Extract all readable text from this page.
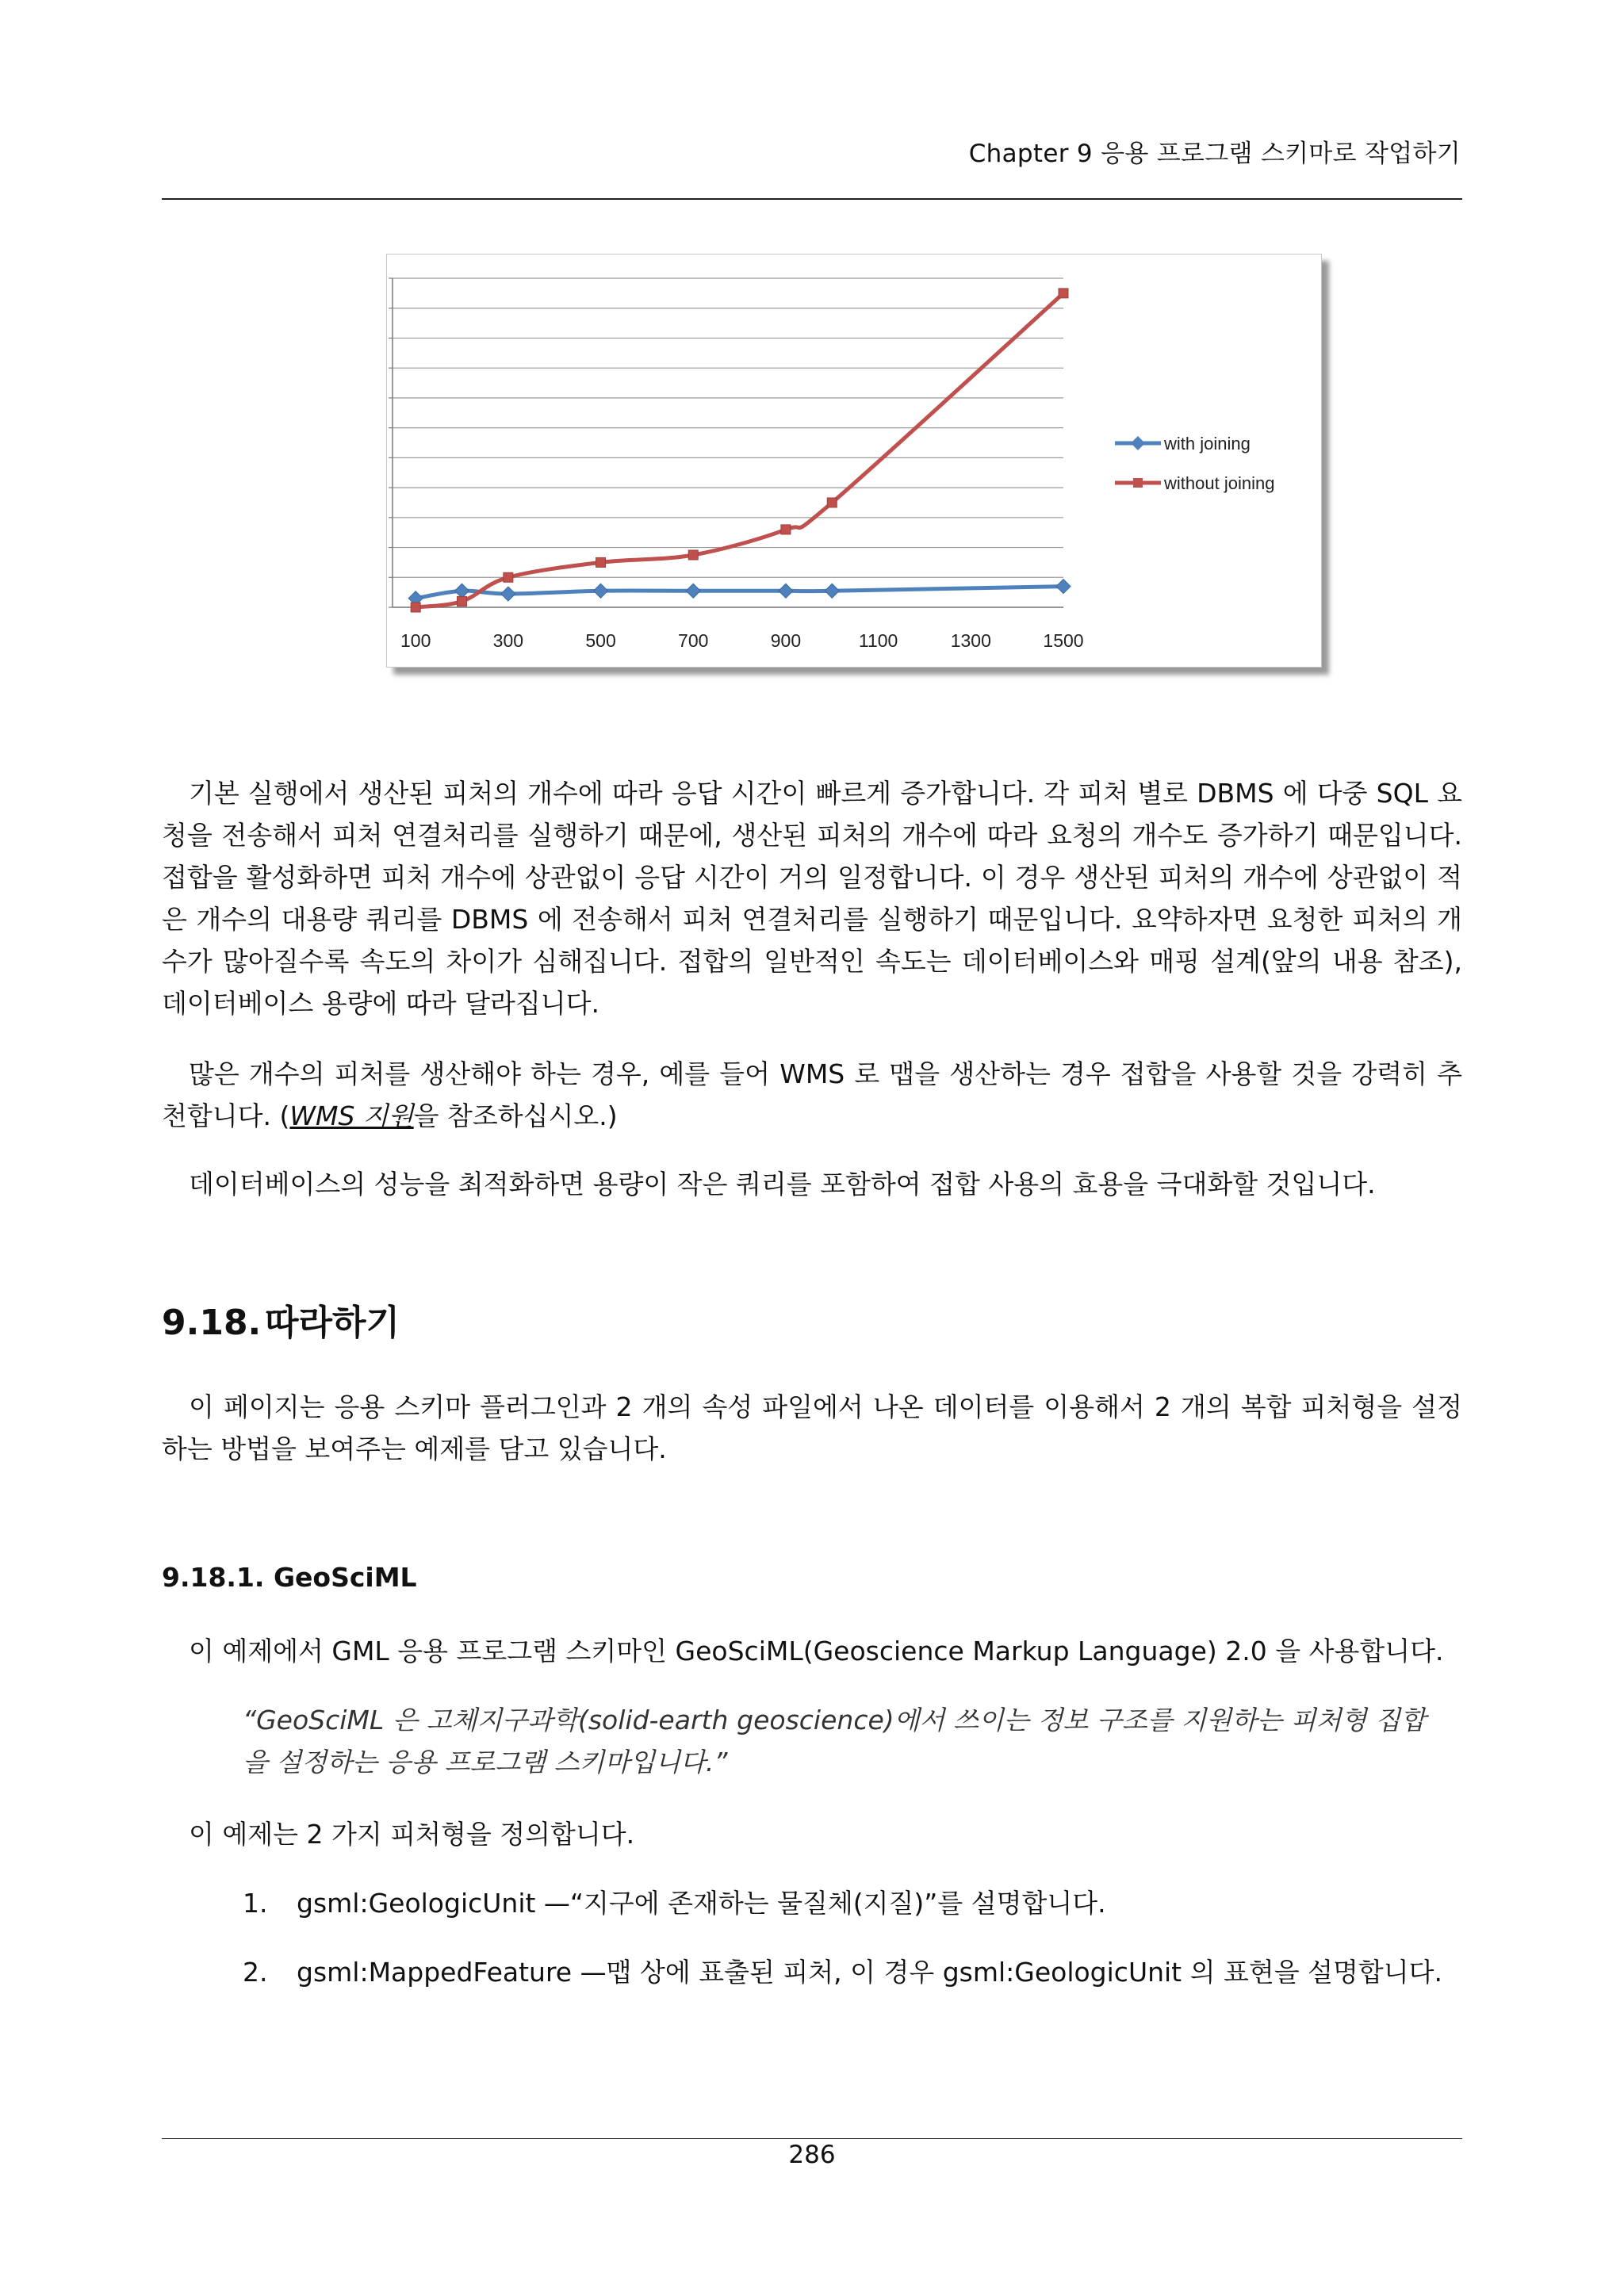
Chapter 9 응용 프로그램 스키마로 작업하기
100	300	500	700	900	1100	1300	1500
with joining
without joining

기본 실행에서 생산된 피처의 개수에 따라 응답 시간이 빠르게 증가합니다. 각 피처 별로 DBMS 에 다중 SQL 요청을 전송해서 피처 연결처리를 실행하기 때문에, 생산된 피처의 개수에 따라 요청의 개수도 증가하기 때문입니다. 접합을 활성화하면 피처 개수에 상관없이 응답 시간이 거의 일정합니다. 이 경우 생산된 피처의 개수에 상관없이 적은 개수의 대용량 쿼리를 DBMS 에 전송해서 피처 연결처리를 실행하기 때문입니다. 요약하자면 요청한 피처의 개수가 많아질수록 속도의 차이가 심해집니다. 접합의 일반적인 속도는 데이터베이스와 매핑 설계(앞의 내용 참조), 데이터베이스 용량에 따라 달라집니다.

많은 개수의 피처를 생산해야 하는 경우, 예를 들어 WMS 로 맵을 생산하는 경우 접합을 사용할 것을 강력히 추천합니다. (WMS 지원을 참조하십시오.)

데이터베이스의 성능을 최적화하면 용량이 작은 쿼리를 포함하여 접합 사용의 효용을 극대화할 것입니다.

9.18. 따라하기

이 페이지는 응용 스키마 플러그인과 2 개의 속성 파일에서 나온 데이터를 이용해서 2 개의 복합 피처형을 설정하는 방법을 보여주는 예제를 담고 있습니다.

9.18.1. GeoSciML

이 예제에서 GML 응용 프로그램 스키마인 GeoSciML(Geoscience Markup Language) 2.0 을 사용합니다.

“GeoSciML 은 고체지구과학(solid-earth geoscience)에서 쓰이는 정보 구조를 지원하는 피처형 집합을 설정하는 응용 프로그램 스키마입니다.”

이 예제는 2 가지 피처형을 정의합니다.

1. gsml:GeologicUnit —“지구에 존재하는 물질체(지질)”를 설명합니다.
2. gsml:MappedFeature —맵 상에 표출된 피처, 이 경우 gsml:GeologicUnit 의 표현을 설명합니다.
286
